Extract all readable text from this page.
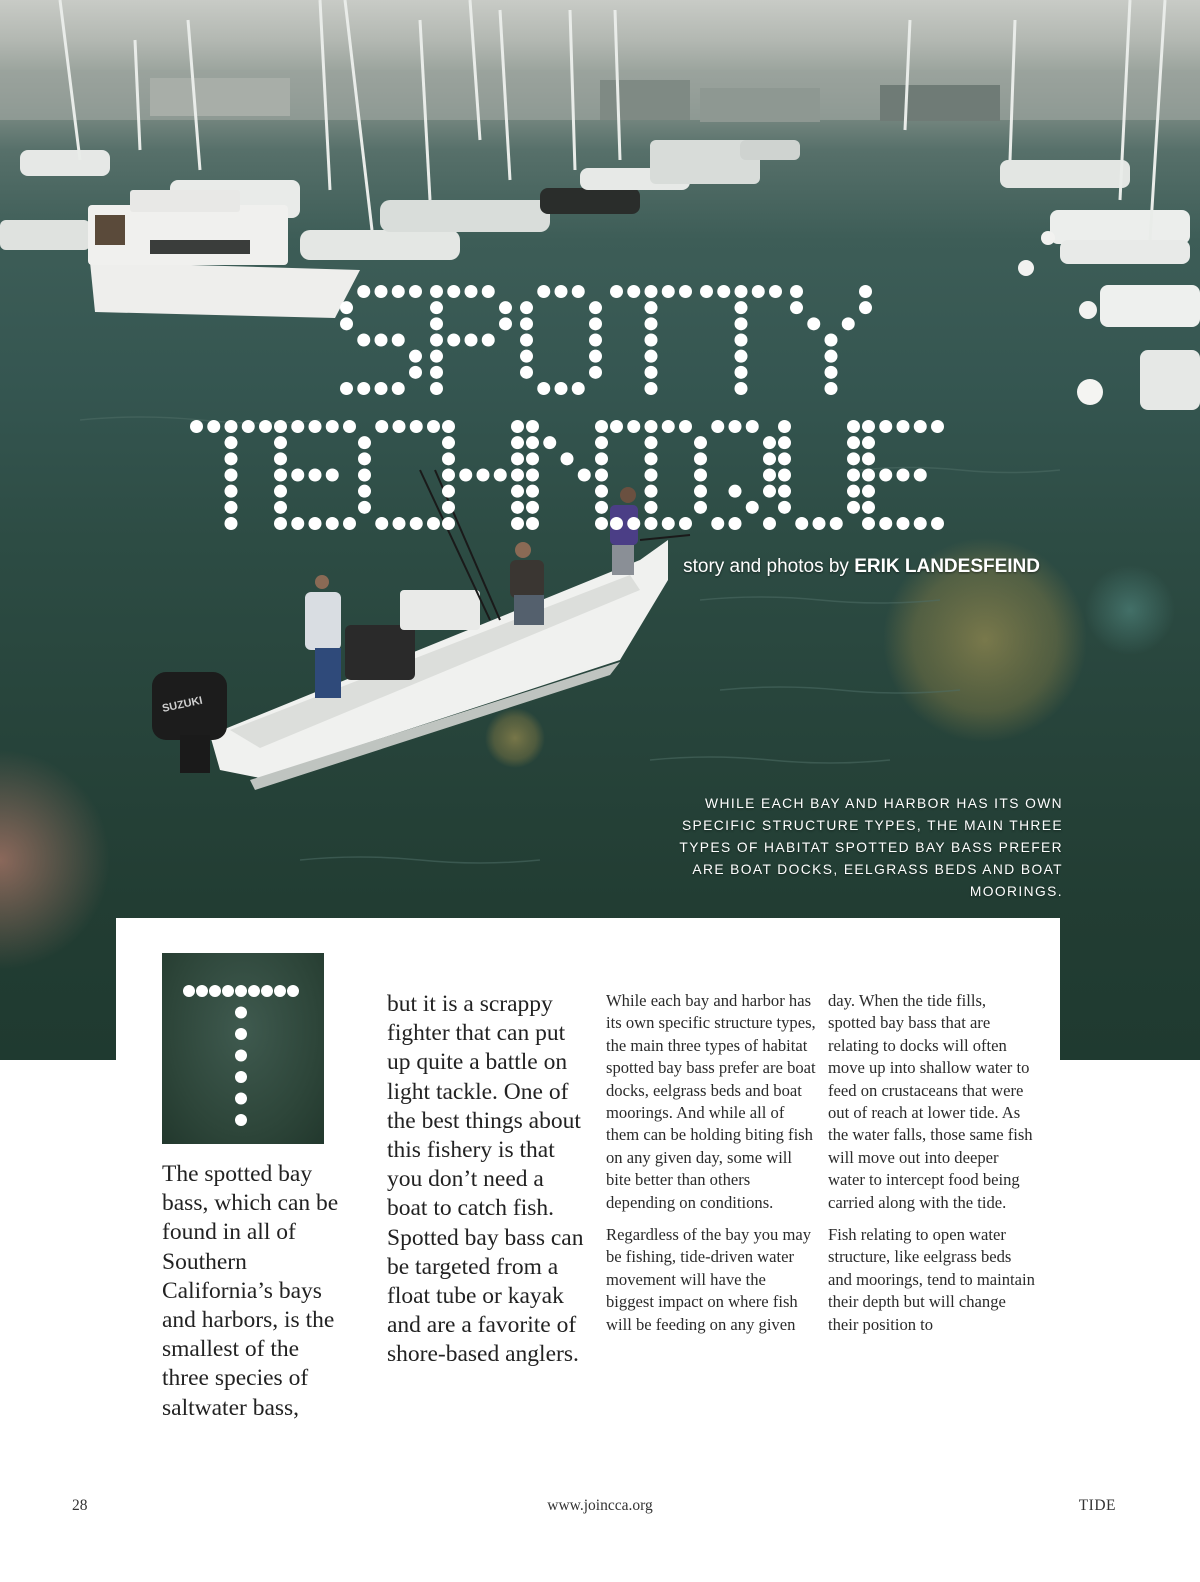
SUZUKI
story and photos by ERIK LANDESFEIND
WHILE EACH BAY AND HARBOR HAS ITS OWN SPECIFIC STRUCTURE TYPES, THE MAIN THREE TYPES OF HABITAT SPOTTED BAY BASS PREFER ARE BOAT DOCKS, EELGRASS BEDS AND BOAT MOORINGS.

The spotted bay bass, which can be found in all of Southern California’s bays and harbors, is the smallest of the three species of saltwater bass,

but it is a scrappy fighter that can put up quite a battle on light tackle. One of the best things about this fishery is that you don’t need a boat to catch fish. Spotted bay bass can be targeted from a float tube or kayak and are a favorite of shore-based anglers.

While each bay and harbor has its own specific structure types, the main three types of habitat spotted bay bass prefer are boat docks, eelgrass beds and boat moorings. And while all of them can be holding biting fish on any given day, some will bite better than others depending on conditions.

Regardless of the bay you may be fishing, tide-driven water movement will have the biggest impact on where fish will be feeding on any given

day. When the tide fills, spotted bay bass that are relating to docks will often move up into shallow water to feed on crustaceans that were out of reach at lower tide. As the water falls, those same fish will move out into deeper water to intercept food being carried along with the tide.

Fish relating to open water structure, like eelgrass beds and moorings, tend to maintain their depth but will change their position to

28	www.joincca.org	TIDE
